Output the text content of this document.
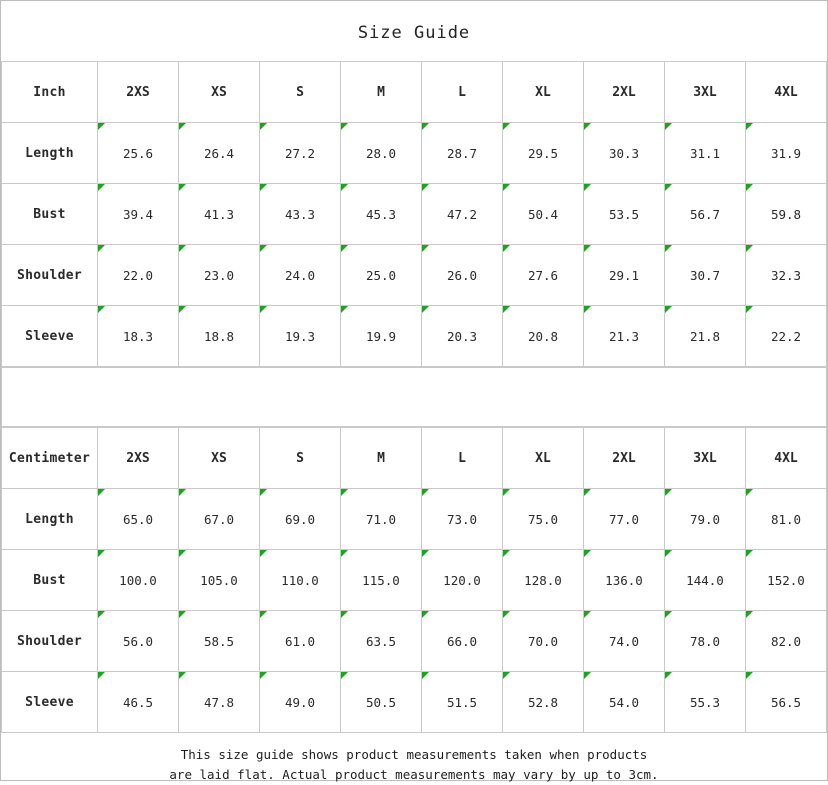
Size Guide
Inch	2XS	XS	S	M	L	XL	2XL	3XL	4XL
Length	25.6	26.4	27.2	28.0	28.7	29.5	30.3	31.1	31.9
Bust	39.4	41.3	43.3	45.3	47.2	50.4	53.5	56.7	59.8
Shoulder	22.0	23.0	24.0	25.0	26.0	27.6	29.1	30.7	32.3
Sleeve	18.3	18.8	19.3	19.9	20.3	20.8	21.3	21.8	22.2
Centimeter	2XS	XS	S	M	L	XL	2XL	3XL	4XL
Length	65.0	67.0	69.0	71.0	73.0	75.0	77.0	79.0	81.0
Bust	100.0	105.0	110.0	115.0	120.0	128.0	136.0	144.0	152.0
Shoulder	56.0	58.5	61.0	63.5	66.0	70.0	74.0	78.0	82.0
Sleeve	46.5	47.8	49.0	50.5	51.5	52.8	54.0	55.3	56.5
This size guide shows product measurements taken when products
are laid flat. Actual product measurements may vary by up to 3cm.
